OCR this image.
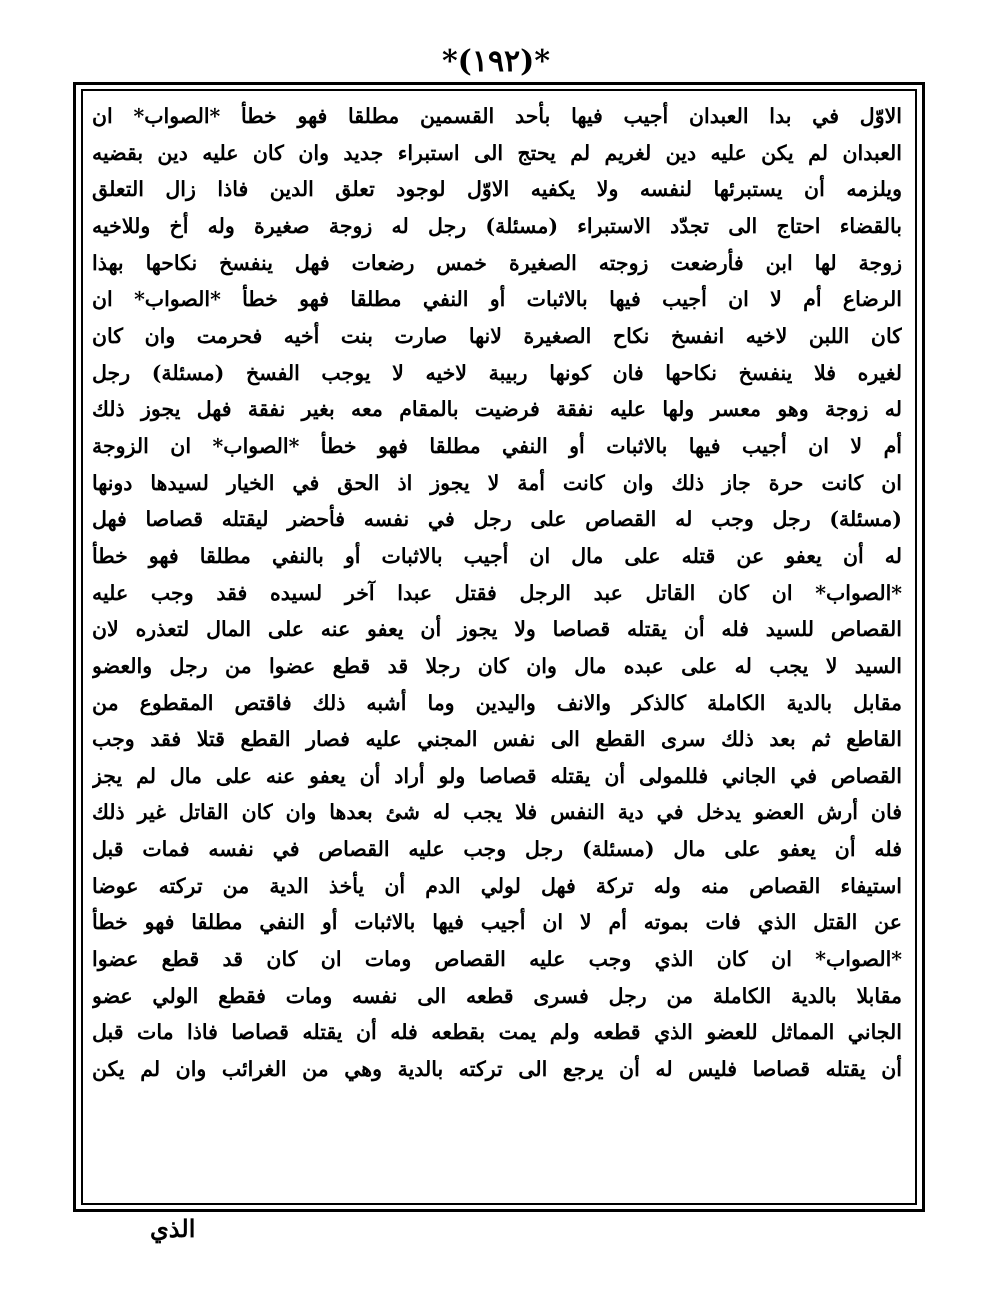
*(١٩٢)*
الاوّل في بدا العبدان أجيب فيها بأحد القسمين مطلقا فهو خطأ *الصواب* ان
العبدان لم يكن عليه دين لغريم لم يحتج الى استبراء جديد وان كان عليه دين بقضيه
ويلزمه أن يستبرئها لنفسه ولا يكفيه الاوّل لوجود تعلق الدين فاذا زال التعلق
بالقضاء احتاج الى تجدّد الاستبراء (مسئلة) رجل له زوجة صغيرة وله أخ وللاخيه
زوجة لها ابن فأرضعت زوجته الصغيرة خمس رضعات فهل ينفسخ نكاحها بهذا
الرضاع أم لا ان أجيب فيها بالاثبات أو النفي مطلقا فهو خطأ *الصواب* ان
كان اللبن لاخيه انفسخ نكاح الصغيرة لانها صارت بنت أخيه فحرمت وان كان
لغيره فلا ينفسخ نكاحها فان كونها ربيبة لاخيه لا يوجب الفسخ (مسئلة) رجل
له زوجة وهو معسر ولها عليه نفقة فرضيت بالمقام معه بغير نفقة فهل يجوز ذلك
أم لا ان أجيب فيها بالاثبات أو النفي مطلقا فهو خطأ *الصواب* ان الزوجة
ان كانت حرة جاز ذلك وان كانت أمة لا يجوز اذ الحق في الخيار لسيدها دونها
(مسئلة) رجل وجب له القصاص على رجل في نفسه فأحضر ليقتله قصاصا فهل
له أن يعفو عن قتله على مال ان أجيب بالاثبات أو بالنفي مطلقا فهو خطأ
*الصواب* ان كان القاتل عبد الرجل فقتل عبدا آخر لسيده فقد وجب عليه
القصاص للسيد فله أن يقتله قصاصا ولا يجوز أن يعفو عنه على المال لتعذره لان
السيد لا يجب له على عبده مال وان كان رجلا قد قطع عضوا من رجل والعضو
مقابل بالدية الكاملة كالذكر والانف واليدين وما أشبه ذلك فاقتص المقطوع من
القاطع ثم بعد ذلك سرى القطع الى نفس المجني عليه فصار القطع قتلا فقد وجب
القصاص في الجاني فللمولى أن يقتله قصاصا ولو أراد أن يعفو عنه على مال لم يجز
فان أرش العضو يدخل في دية النفس فلا يجب له شئ بعدها وان كان القاتل غير ذلك
فله أن يعفو على مال (مسئلة) رجل وجب عليه القصاص في نفسه فمات قبل
استيفاء القصاص منه وله تركة فهل لولي الدم أن يأخذ الدية من تركته عوضا
عن القتل الذي فات بموته أم لا ان أجيب فيها بالاثبات أو النفي مطلقا فهو خطأ
*الصواب* ان كان الذي وجب عليه القصاص ومات ان كان قد قطع عضوا
مقابلا بالدية الكاملة من رجل فسرى قطعه الى نفسه ومات فقطع الولي عضو
الجاني المماثل للعضو الذي قطعه ولم يمت بقطعه فله أن يقتله قصاصا فاذا مات قبل
أن يقتله قصاصا فليس له أن يرجع الى تركته بالدية وهي من الغرائب وان لم يكن
الذي
